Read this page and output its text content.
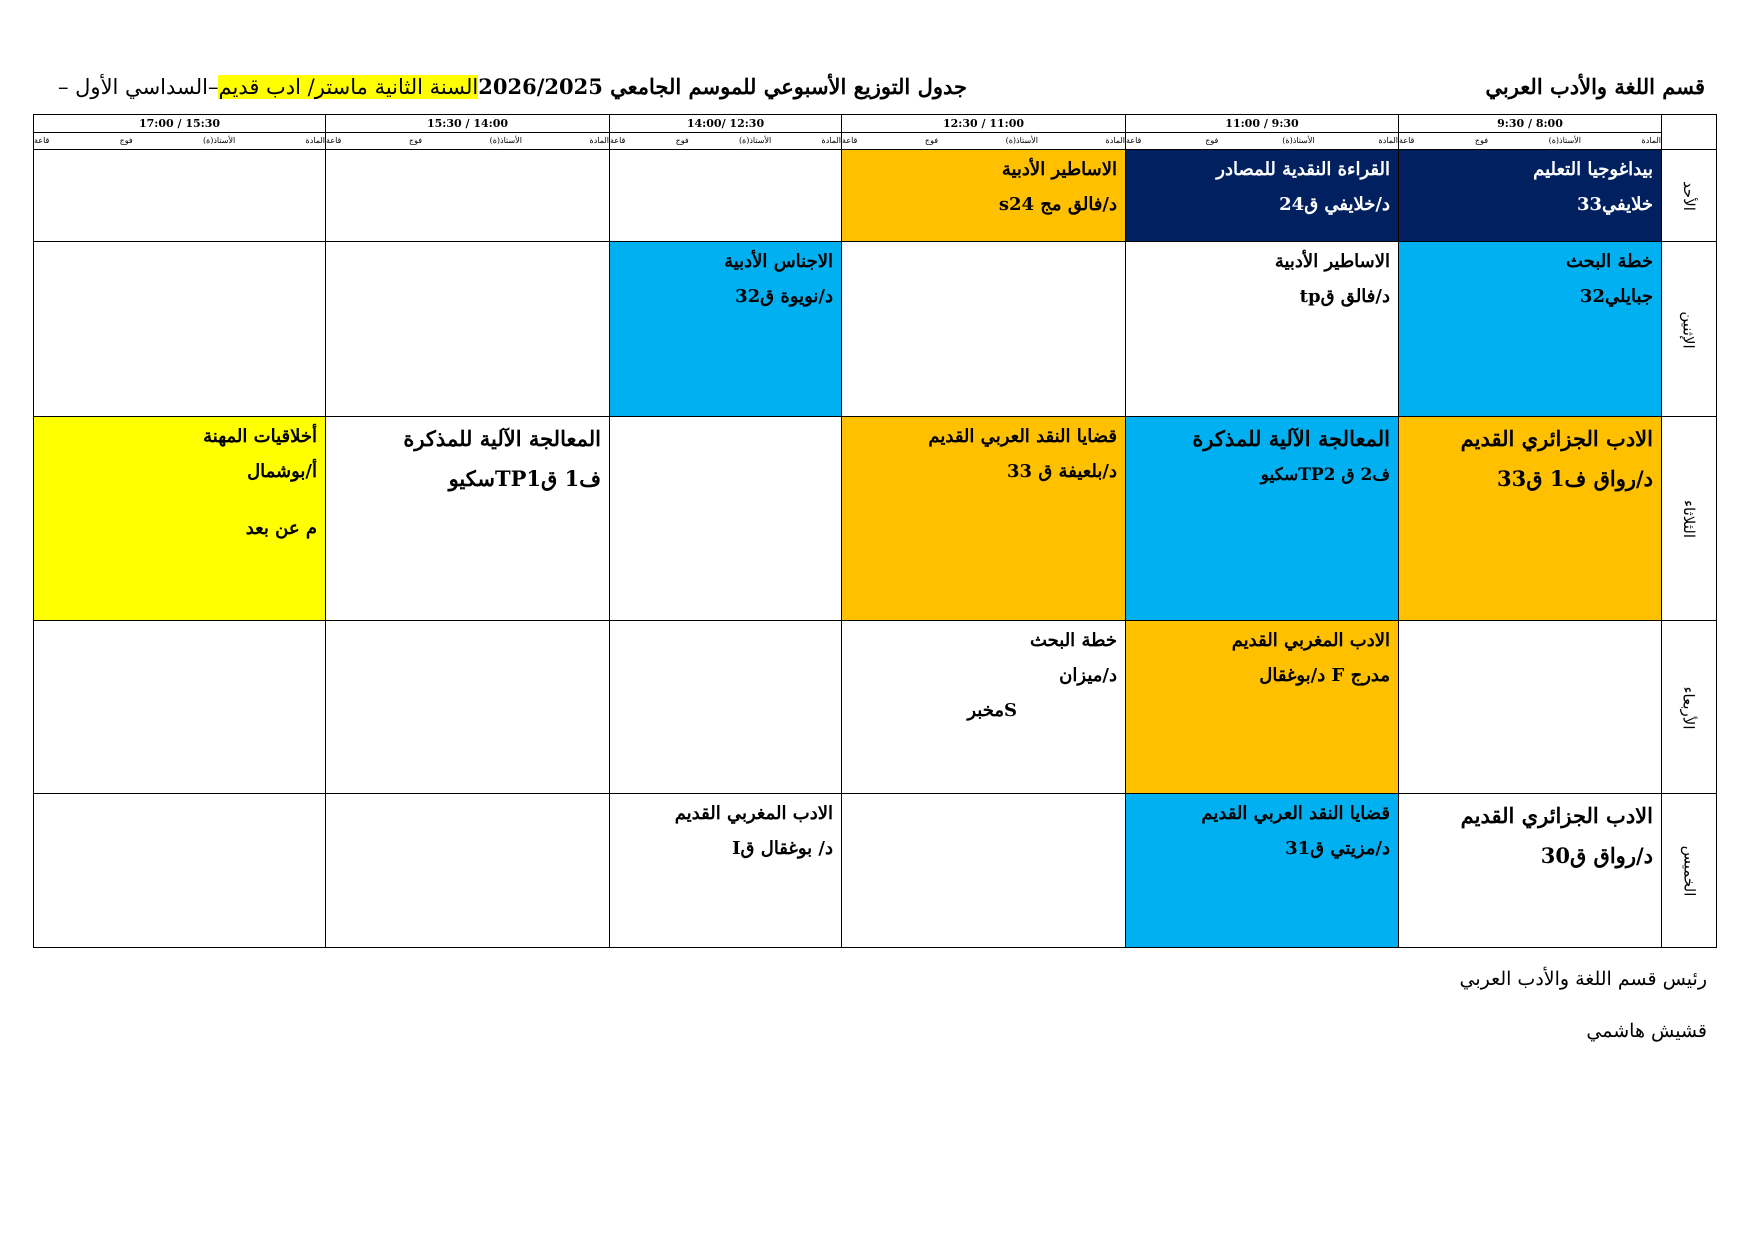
قسم اللغة والأدب العربي
جدول التوزيع الأسبوعي للموسم الجامعي 2026/2025السنة الثانية ماستر/ ادب قديم–السداسي الأول –
	8:00 / 9:30	9:30 / 11:00	11:00 / 12:30	12:30 /14:00	14:00 / 15:30	15:30 / 17:00

	المادة
الأستاذ(ة)
فوج
قاعة	المادة
الأستاذ(ة)
فوج
قاعة	المادة
الأستاذ(ة)
فوج
قاعة	المادة
الأستاذ(ة)
فوج
قاعة	المادة
الأستاذ(ة)
فوج
قاعة	المادة
الأستاذ(ة)
فوج
قاعة

الأحد	بيداغوجيا التعليم
خلايفي33	القراءة النقدية للمصادر
د/خلايفي ق24	الاساطير الأدبية
د/فالق مج s24			

الإثنين	خطة البحث
جبايلي32	الاساطير الأدبية
د/فالق قtp		الاجناس الأدبية
د/نويوة ق32		

الثلاثاء	الادب الجزائري القديم
د/رواق ف1 ق33	المعالجة الآلية للمذكرة
ف2 ق TP2سكيو	قضايا النقد العربي القديم
د/بلعيفة ق 33		المعالجة الآلية للمذكرة
ف1 قTP1سكيو	أخلاقيات المهنة
أ/بوشمال
م عن بعد

الأربعاء		الادب المغربي القديم
مدرج F د/بوغقال	خطة البحث
د/ميزان
Sمخبر			

الخميس	الادب الجزائري القديم
د/رواق ق30	قضايا النقد العربي القديم
د/مزيتي ق31		الادب المغربي القديم
د/ بوغقال قI		

رئيس قسم اللغة والأدب العربي
قشيش هاشمي
